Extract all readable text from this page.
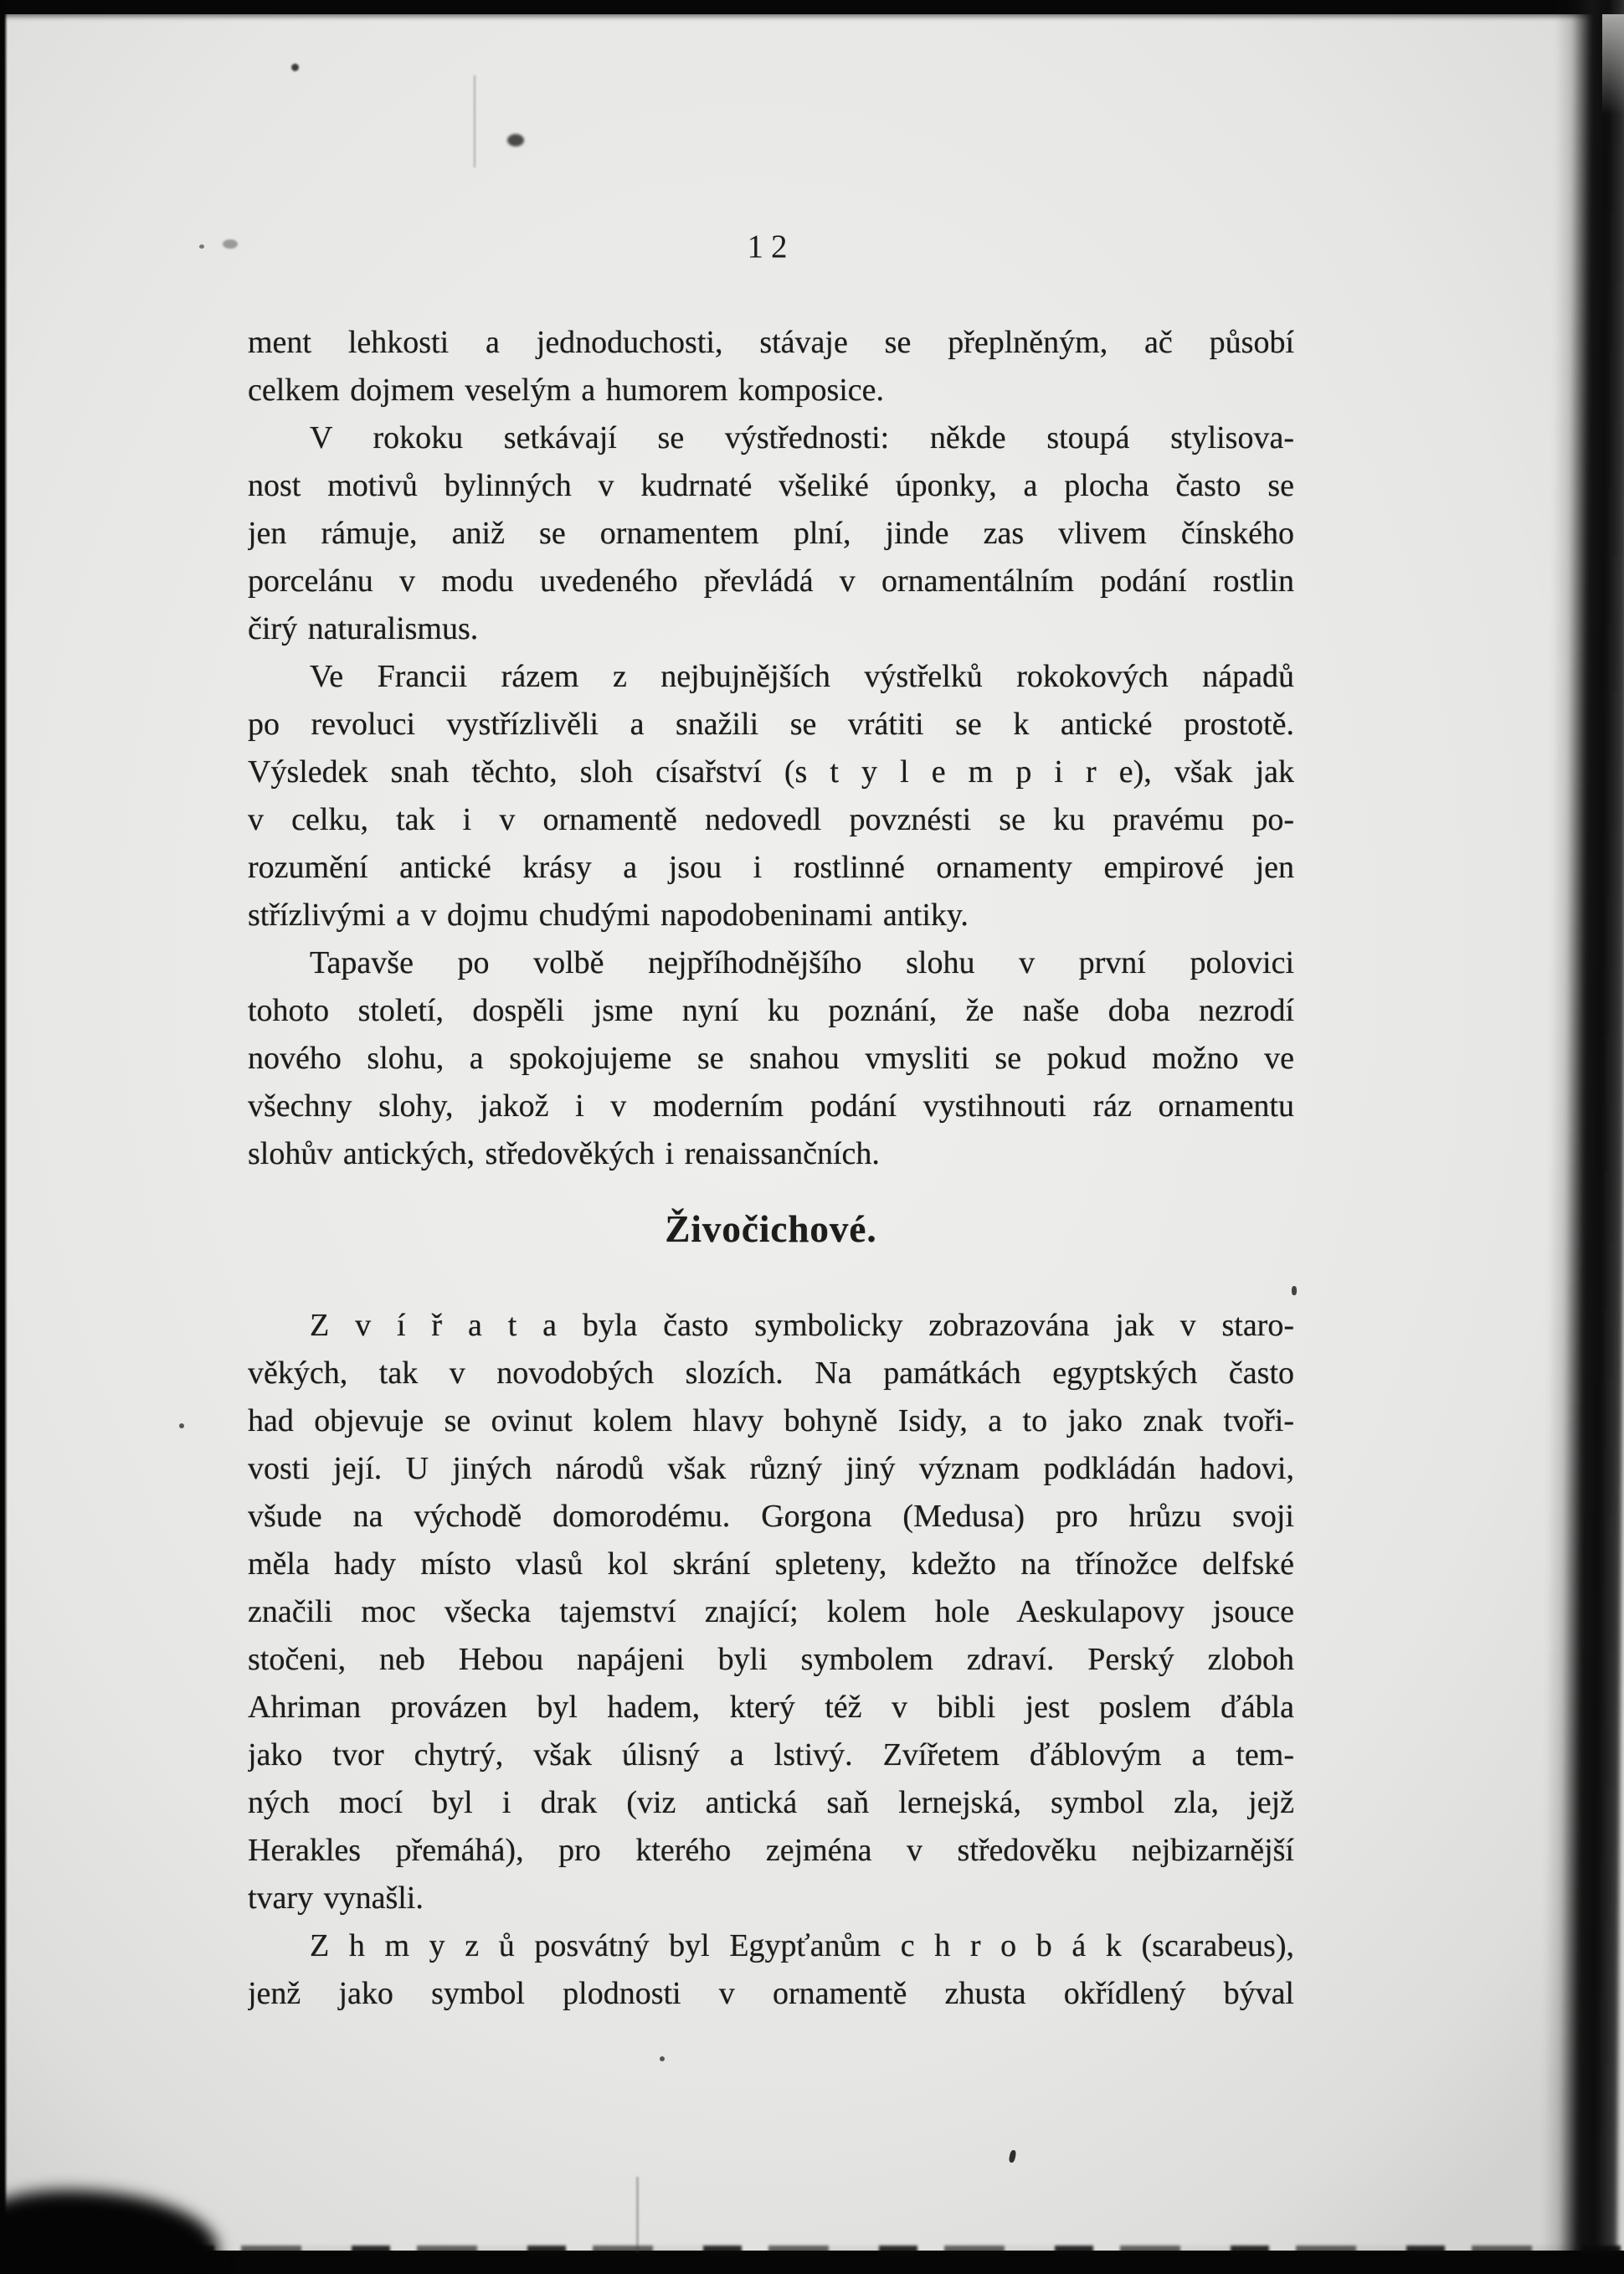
12
ment lehkosti a jednoduchosti, stávaje se přeplněným, ač působí
celkem dojmem veselým a humorem komposice.
V rokoku setkávají se výstřednosti: někde stoupá stylisova-
nost motivů bylinných v kudrnaté všeliké úponky, a plocha často se
jen rámuje, aniž se ornamentem plní, jinde zas vlivem čínského
porcelánu v modu uvedeného převládá v ornamentálním podání rostlin
čirý naturalismus.
Ve Francii rázem z nejbujnějších výstřelků rokokových nápadů
po revoluci vystřízlivěli a snažili se vrátiti se k antické prostotě.
Výsledek snah těchto, sloh císařství (s t y l e m p i r e), však jak
v celku, tak i v ornamentě nedovedl povznésti se ku pravému po-
rozumění antické krásy a jsou i rostlinné ornamenty empirové jen
střízlivými a v dojmu chudými napodobeninami antiky.
Tapavše po volbě nejpříhodnějšího slohu v první polovici
tohoto století, dospěli jsme nyní ku poznání, že naše doba nezrodí
nového slohu, a spokojujeme se snahou vmysliti se pokud možno ve
všechny slohy, jakož i v moderním podání vystihnouti ráz ornamentu
slohův antických, středověkých i renaissančních.
Živočichové.
Z v í ř a t a byla často symbolicky zobrazována jak v staro-
věkých, tak v novodobých slozích. Na památkách egyptských často
had objevuje se ovinut kolem hlavy bohyně Isidy, a to jako znak tvoři-
vosti její. U jiných národů však různý jiný význam podkládán hadovi,
všude na východě domorodému. Gorgona (Medusa) pro hrůzu svoji
měla hady místo vlasů kol skrání spleteny, kdežto na třínožce delfské
značili moc všecka tajemství znající; kolem hole Aeskulapovy jsouce
stočeni, neb Hebou napájeni byli symbolem zdraví. Perský zloboh
Ahriman provázen byl hadem, který též v bibli jest poslem ďábla
jako tvor chytrý, však úlisný a lstivý. Zvířetem ďáblovým a tem-
ných mocí byl i drak (viz antická saň lernejská, symbol zla, jejž
Herakles přemáhá), pro kterého zejména v středověku nejbizarnější
tvary vynašli.
Z h m y z ů posvátný byl Egypťanům c h r o b á k (scarabeus),
jenž jako symbol plodnosti v ornamentě zhusta okřídlený býval
